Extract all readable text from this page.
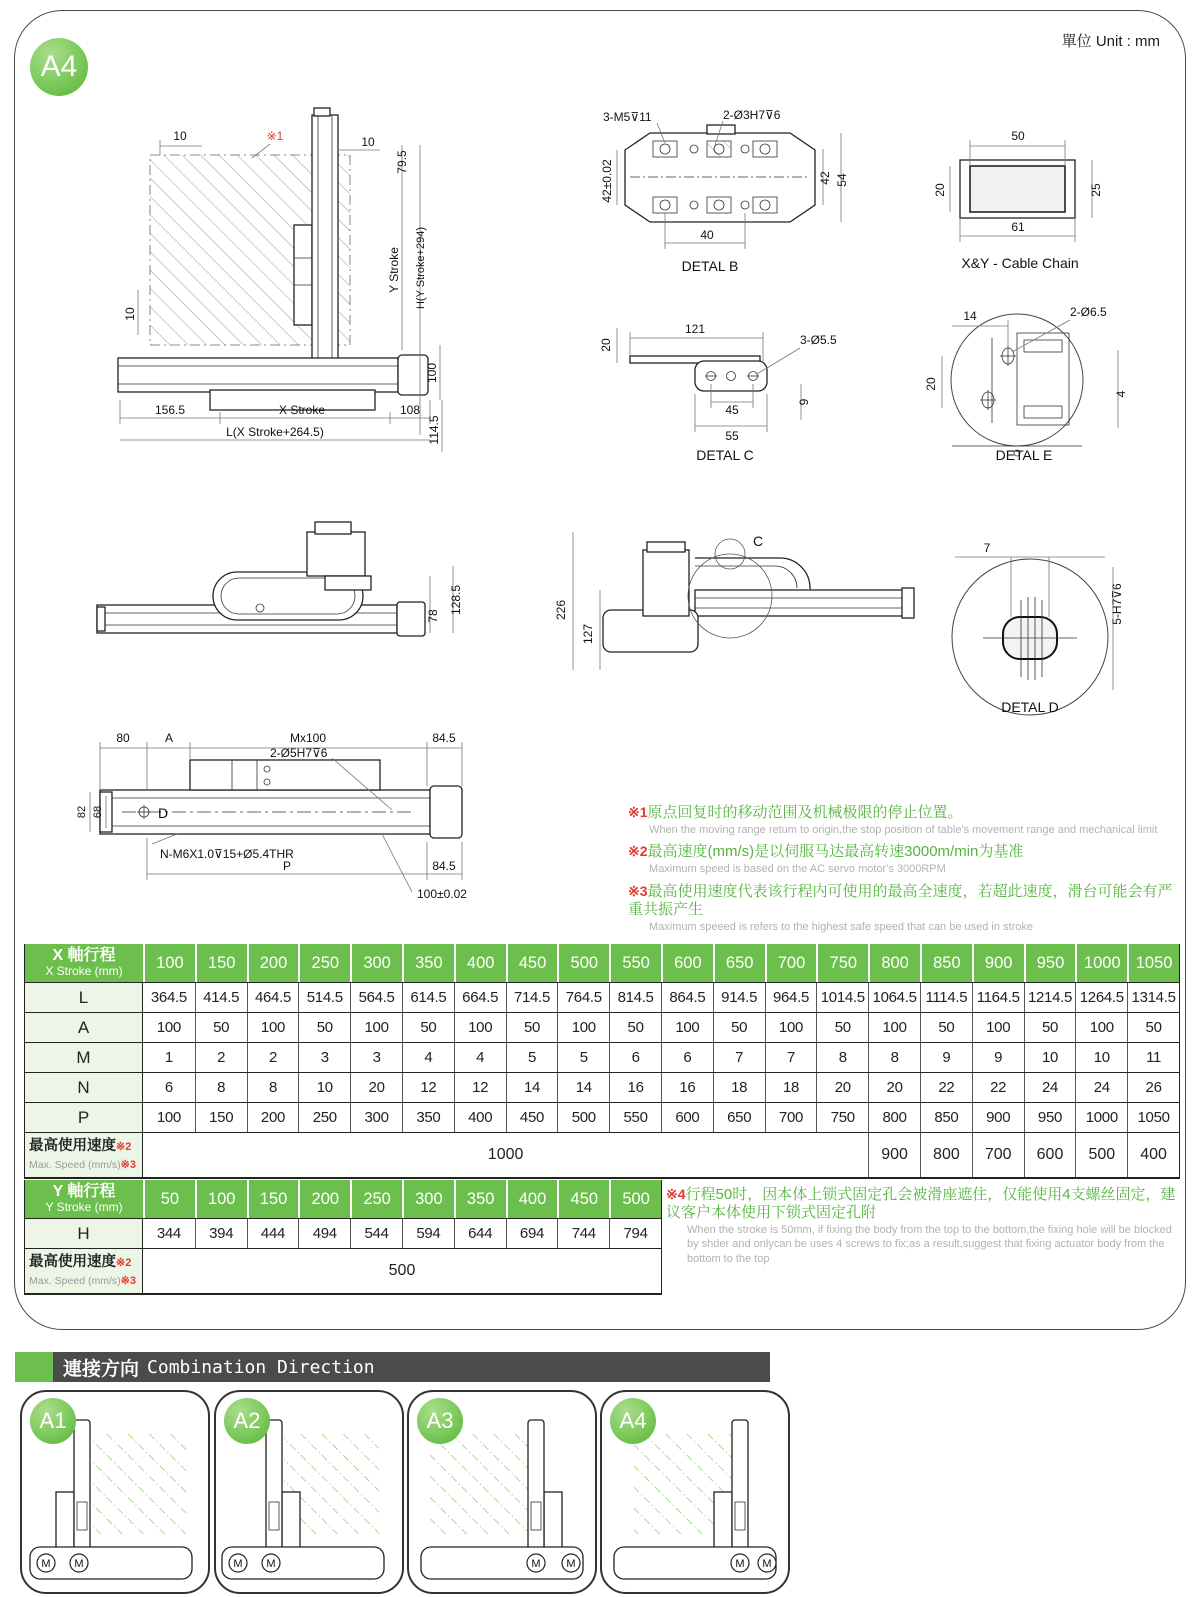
A4
單位 Unit : mm
10	※1	10
79.5
Y Stroke H(Y Stroke+294)
10
100
156.5	X Stroke	108
L(X Stroke+264.5)	114.5
3-M5⊽11	2-Ø3H7⊽6
42±0.02	42 54
40
DETAL B
50
20	25
61
X&Y - Cable Chain
20
121
3-Ø5.5
45
9
55
DETAL C
14	2-Ø6.5
20
4
DETAL E
78
128.5
C
226
127
7
5-H7⊽6
DETAL D
D
80	A	Mx100	84.5
2-Ø5H7⊽6
82 68
N-M6X1.0⊽15+Ø5.4THR
P	84.5
100±0.02
※1原点回复时的移动范围及机械极限的停止位置。
When the moving range retum to origin,the stop position of table's movement range and mechanical limit
※2最高速度(mm/s)是以伺服马达最高转速3000m/min为基准
Maximum speed is based on the AC servo motor's 3000RPM
※3最高使用速度代表该行程内可使用的最高全速度，若超此速度，滑台可能会有严重共振产生
Maximum speeed is refers to the highest safe speed that can be used in stroke
X 軸行程
X Stroke (mm)	100	150	200	250	300	350	400	450	500	550	600	650	700	750	800	850	900	950	1000 1050
L	364.5	414.5	464.5	514.5	564.5	614.5	664.5	714.5	764.5	814.5	864.5	914.5	964.5 1014.5 1064.5 1114.5 1164.5 1214.5 1264.5 1314.5
A	100	50	100	50	100	50	100	50	100	50	100	50	100	50	100	50	100	50	100	50
M	1	2	2	3	3	4	4	5	5	6	6	7	7	8	8	9	9	10	10	11
N	6	8	8	10	20	12	12	14	14	16	16	18	18	20	20	22	22	24	24	26
P	100	150	200	250	300	350	400	450	500	550	600	650	700	750	800	850	900	950	1000	1050
最高使用速度※2
Max. Speed (mm/s)※3
1000	900	800	700	600	500	400
Y 軸行程
Y Stroke (mm)	50	100	150	200	250	300	350	400	450	500
H	344	394	444	494	544	594	644	694	744	794
最高使用速度※2
Max. Speed (mm/s)※3
500
※4行程50时，因本体上锁式固定孔会被滑座遮住，仅能使用4支螺丝固定，建议客户本体使用下锁式固定孔附
When the stroke is 50mm, if fixing the body from the top to the bottom,the fixing hole will be blocked by shder and onlycan be uses 4 screws to fix;as a result,suggest that fixing actuator body from the bottom to the top
連接方向 Combination Direction
M M
A1
M M
A2
M M
A3
M M
A4
